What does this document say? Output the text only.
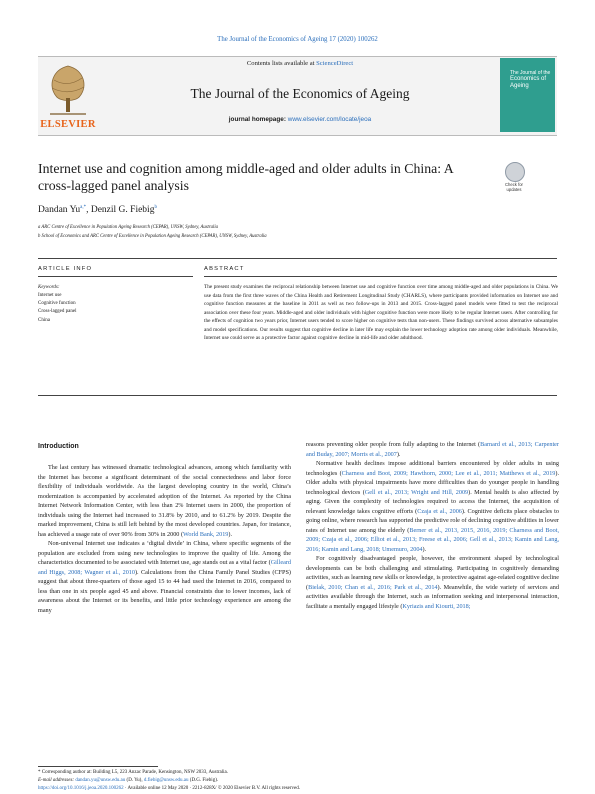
The Journal of the Economics of Ageing 17 (2020) 100262
ELSEVIER
Contents lists available at ScienceDirect
The Journal of the Economics of Ageing
journal homepage: www.elsevier.com/locate/jeoa
The Journal of the
Economics of Ageing
Internet use and cognition among middle-aged and older adults in China: A cross-lagged panel analysis	Check for updates
Dandan $Yu^{a,*}$, Denzil G. Fiebig$^b$
a ARC Centre of Excellence in Population Ageing Research (CEPAR), UNSW, Sydney, Australia
b School of Economics and ARC Centre of Excellence in Population Ageing Research (CEPAR), UNSW, Sydney, Australia
ARTICLE INFO	ABSTRACT
Keywords:
Internet use
Cognitive function
Cross-lagged panel
China
The present study examines the reciprocal relationship between Internet use and cognitive function over time among middle-aged and older populations in China. We use data from the first three waves of the China Health and Retirement Longitudinal Study (CHARLS), where participants provided information on Internet use and cognitive function measures at the baseline in 2011 as well as two follow-ups in 2013 and 2015. Cross-lagged panel models were fitted to test the reciprocal association over these four years. Middle-aged and older individuals with higher cognitive function were more likely to be regular Internet users. After controlling for the effects of cognition two years prior, Internet users tended to score higher on cognitive tests than non-users. These findings survived across alternative subsamples and model specifications. Our results suggest that cognitive decline in later life may explain the lower technology adoption rate among older individuals. Meanwhile, Internet use could serve as a protective factor against cognitive decline in mid-life and older adulthood.
Introduction

The last century has witnessed dramatic technological advances, among which familiarity with the Internet has become a significant determinant of the social connectedness and labor force flexibility of individuals worldwide. As the largest developing country in the world, China’s modernization is accompanied by accelerated adoption of the Internet. As reported by the China Internet Network Information Center, with less than 2% Internet users in 2000, the proportion of individuals using the Internet had increased to 31.8% by 2010, and to 61.2% by 2019. Despite the marked improvement, China is still left behind by the most developed countries. Japan, for instance, has achieved a usage rate of over 90% from 30% in 2000 (World Bank, 2019).

Non-universal Internet use indicates a ‘digital divide’ in China, where specific segments of the population are excluded from using new technologies to improve the quality of life. Among the characteristics documented to be associated with Internet use, age stands out as a vital factor (Gilleard and Higgs, 2008; Wagner et al., 2010). Calculations from the China Family Panel Studies (CFPS) suggest that about three-quarters of those aged 15 to 44 had used the Internet in 2016, compared to less than one in six people aged 45 and above. Financial constraints due to lower incomes, lack of awareness about the Internet or its benefits, and little prior technology experience are among the many

reasons preventing older people from fully adapting to the Internet (Barnard et al., 2013; Carpenter and Buday, 2007; Morris et al., 2007).

Normative health declines impose additional barriers encountered by older adults in using technologies (Charness and Boot, 2009; Hawthorn, 2000; Lee et al., 2011; Matthews et al., 2019). Older adults with physical impairments have more difficulties than do younger people in handling technological devices (Gell et al., 2013; Wright and Hill, 2009). Mental health is also affected by aging. Given the complexity of technologies required to access the Internet, the acquisition of relevant knowledge takes cognitive efforts (Czaja et al., 2006). Cognitive deficits place obstacles to going online, where research has supported the predictive role of declining cognitive abilities in lower rates of Internet use among the elderly (Berner et al., 2013, 2015, 2016, 2019; Charness and Boot, 2009; Czaja et al., 2006; Elliot et al., 2013; Freese et al., 2006; Gell et al., 2013; Kamin and Lang, 2016; Kamin and Lang, 2018; Umemuro, 2004).

For cognitively disadvantaged people, however, the environment shaped by technological developments can be both challenging and stimulating. Participating in cognitively demanding activities, such as learning new skills or knowledge, is protective against age-related cognitive decline (Bielak, 2010; Chan et al., 2016; Park et al., 2014). Meanwhile, the wide variety of services and activities available through the Internet, such as information seeking and interpersonal interaction, facilitate a mentally engaged lifestyle (Kyriazis and Kiourti, 2018;

* Corresponding author at: Building L5, 223 Anzac Parade, Kensington, NSW 2033, Australia.
E-mail addresses: dandan.yu@unsw.edu.au (D. Yu), d.fiebig@unsw.edu.au (D.G. Fiebig).
https://doi.org/10.1016/j.jeoa.2020.100262 · Available online 12 May 2020 · 2212-828X/ © 2020 Elsevier B.V. All rights reserved.
